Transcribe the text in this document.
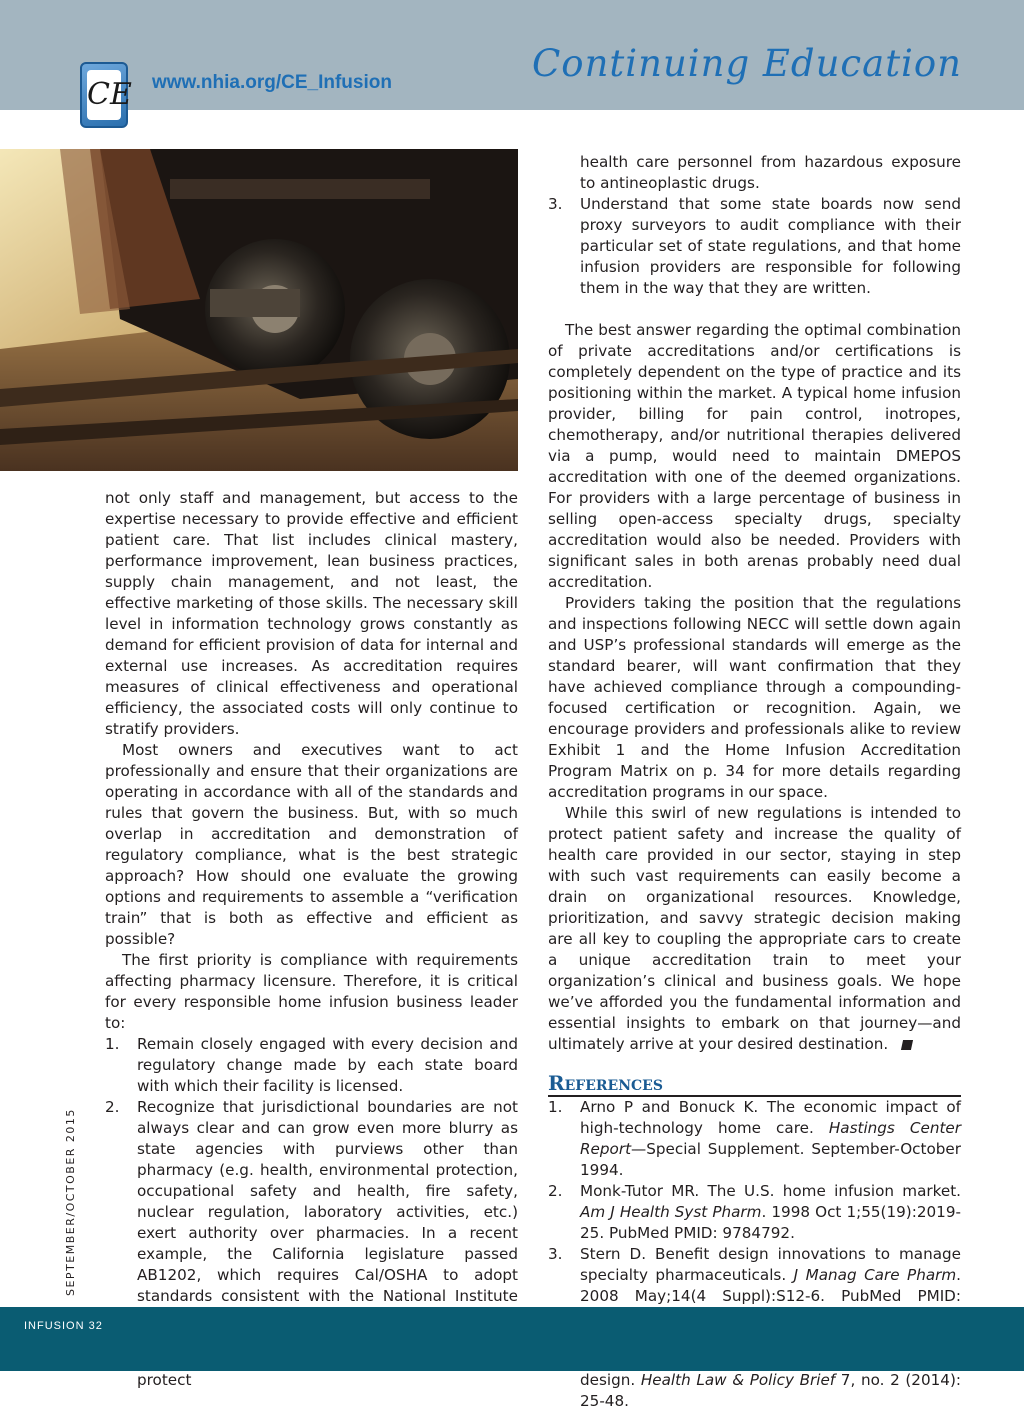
CE www.nhia.org/CE_Infusion	Continuing Education

not only staff and management, but access to the expertise necessary to provide effective and efficient patient care. That list includes clinical mastery, performance improvement, lean business practices, supply chain management, and not least, the effective marketing of those skills. The necessary skill level in information technology grows constantly as demand for efficient provision of data for internal and external use increases. As accreditation requires measures of clinical effectiveness and operational efficiency, the associated costs will only continue to stratify providers.

Most owners and executives want to act professionally and ensure that their organizations are operating in accordance with all of the standards and rules that govern the business. But, with so much overlap in accreditation and demonstration of regulatory compliance, what is the best strategic approach? How should one evaluate the growing options and requirements to assemble a “verification train” that is both as effective and efficient as possible?

The first priority is compliance with requirements affecting pharmacy licensure. Therefore, it is critical for every responsible home infusion business leader to:

1. Remain closely engaged with every decision and regulatory change made by each state board with which their facility is licensed.
2. Recognize that jurisdictional boundaries are not always clear and can grow even more blurry as state agencies with purviews other than pharmacy (e.g. health, environmental protection, occupational safety and health, fire safety, nuclear regulation, laboratory activities, etc.) exert authority over pharmacies. In a recent example, the California legislature passed AB1202, which requires Cal/OSHA to adopt standards consistent with the National Institute protect
health care personnel from hazardous exposure to antineoplastic drugs.
3. Understand that some state boards now send proxy surveyors to audit compliance with their particular set of state regulations, and that home infusion providers are responsible for following them in the way that they are written.

The best answer regarding the optimal combination of private accreditations and/or certifications is completely dependent on the type of practice and its positioning within the market. A typical home infusion provider, billing for pain control, inotropes, chemotherapy, and/or nutritional therapies delivered via a pump, would need to maintain DMEPOS accreditation with one of the deemed organizations. For providers with a large percentage of business in selling open-access specialty drugs, specialty accreditation would also be needed. Providers with significant sales in both arenas probably need dual accreditation.

Providers taking the position that the regulations and inspections following NECC will settle down again and USP’s professional standards will emerge as the standard bearer, will want confirmation that they have achieved compliance through a compounding-focused certification or recognition. Again, we encourage providers and professionals alike to review Exhibit 1 and the Home Infusion Accreditation Program Matrix on p. 34 for more details regarding accreditation programs in our space.

While this swirl of new regulations is intended to protect patient safety and increase the quality of health care provided in our sector, staying in step with such vast requirements can easily become a drain on organizational resources. Knowledge, prioritization, and savvy strategic decision making are all key to coupling the appropriate cars to create a unique accreditation train to meet your organization’s clinical and business goals. We hope we’ve afforded you the fundamental information and essential insights to embark on that journey—and ultimately arrive at your desired destination.

References
1. Arno P and Bonuck K. The economic impact of high-technology home care. Hastings Center Report—Special Supplement. September-October 1994.
2. Monk-Tutor MR. The U.S. home infusion market. Am J Health Syst Pharm. 1998 Oct 1;55(19):2019-25. PubMed PMID: 9784792.
3. Stern D. Benefit design innovations to manage specialty pharmaceuticals. J Manag Care Pharm. 2008 May;14(4 Suppl):S12-6. PubMed PMID:
design. Health Law & Policy Brief 7, no. 2 (2014): 25-48.
SEPTEMBER/OCTOBER 2015
INFUSION 32
